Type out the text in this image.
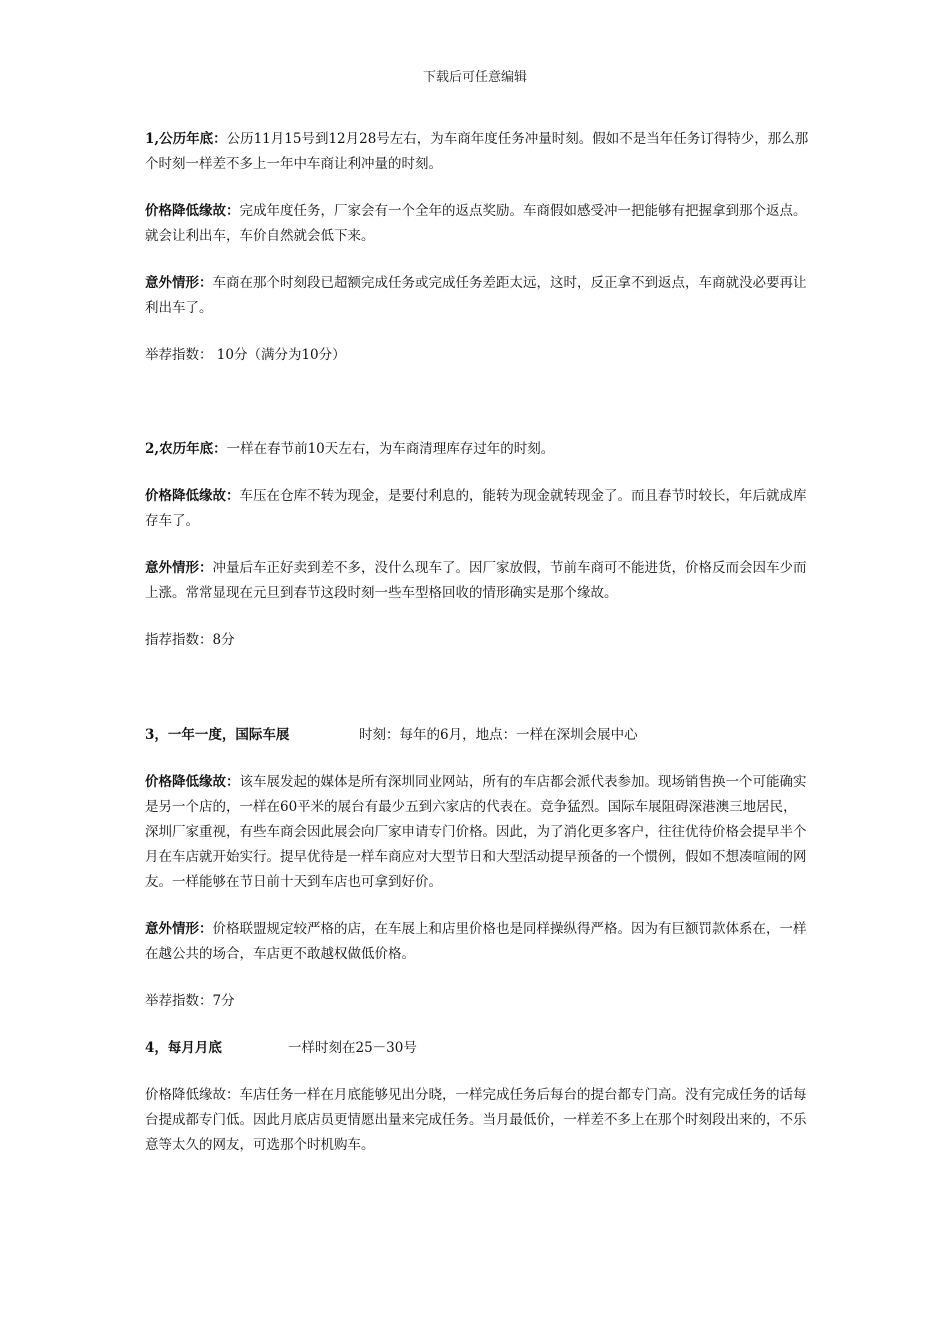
下载后可任意编辑

1,公历年底：公历11月15号到12月28号左右，为车商年度任务冲量时刻。假如不是当年任务订得特少，那么那个时刻一样差不多上一年中车商让利冲量的时刻。

价格降低缘故：完成年度任务，厂家会有一个全年的返点奖励。车商假如感受冲一把能够有把握拿到那个返点。就会让利出车，车价自然就会低下来。

意外情形：车商在那个时刻段已超额完成任务或完成任务差距太远，这时，反正拿不到返点，车商就没必要再让利出车了。

举荐指数： 10分（满分为10分）

2,农历年底：一样在春节前10天左右，为车商清理库存过年的时刻。

价格降低缘故：车压在仓库不转为现金，是要付利息的，能转为现金就转现金了。而且春节时较长，年后就成库存车了。

意外情形：冲量后车正好卖到差不多，没什么现车了。因厂家放假，节前车商可不能进货，价格反而会因车少而上涨。常常显现在元旦到春节这段时刻一些车型格回收的情形确实是那个缘故。

指荐指数：8分

3，一年一度，国际车展	时刻：每年的6月，地点：一样在深圳会展中心

价格降低缘故：该车展发起的媒体是所有深圳同业网站，所有的车店都会派代表参加。现场销售换一个可能确实是另一个店的，一样在60平米的展台有最少五到六家店的代表在。竞争猛烈。国际车展阻碍深港澳三地居民，深圳厂家重视，有些车商会因此展会向厂家申请专门价格。因此，为了消化更多客户，往往优待价格会提早半个月在车店就开始实行。提早优待是一样车商应对大型节日和大型活动提早预备的一个惯例，假如不想凑喧闹的网友。一样能够在节日前十天到车店也可拿到好价。

意外情形：价格联盟规定较严格的店，在车展上和店里价格也是同样操纵得严格。因为有巨额罚款体系在，一样在越公共的场合，车店更不敢越权做低价格。

举荐指数：7分

4，每月月底	一样时刻在25－30号

价格降低缘故：车店任务一样在月底能够见出分晓，一样完成任务后每台的提台都专门高。没有完成任务的话每台提成都专门低。因此月底店员更情愿出量来完成任务。当月最低价，一样差不多上在那个时刻段出来的，不乐意等太久的网友，可选那个时机购车。
